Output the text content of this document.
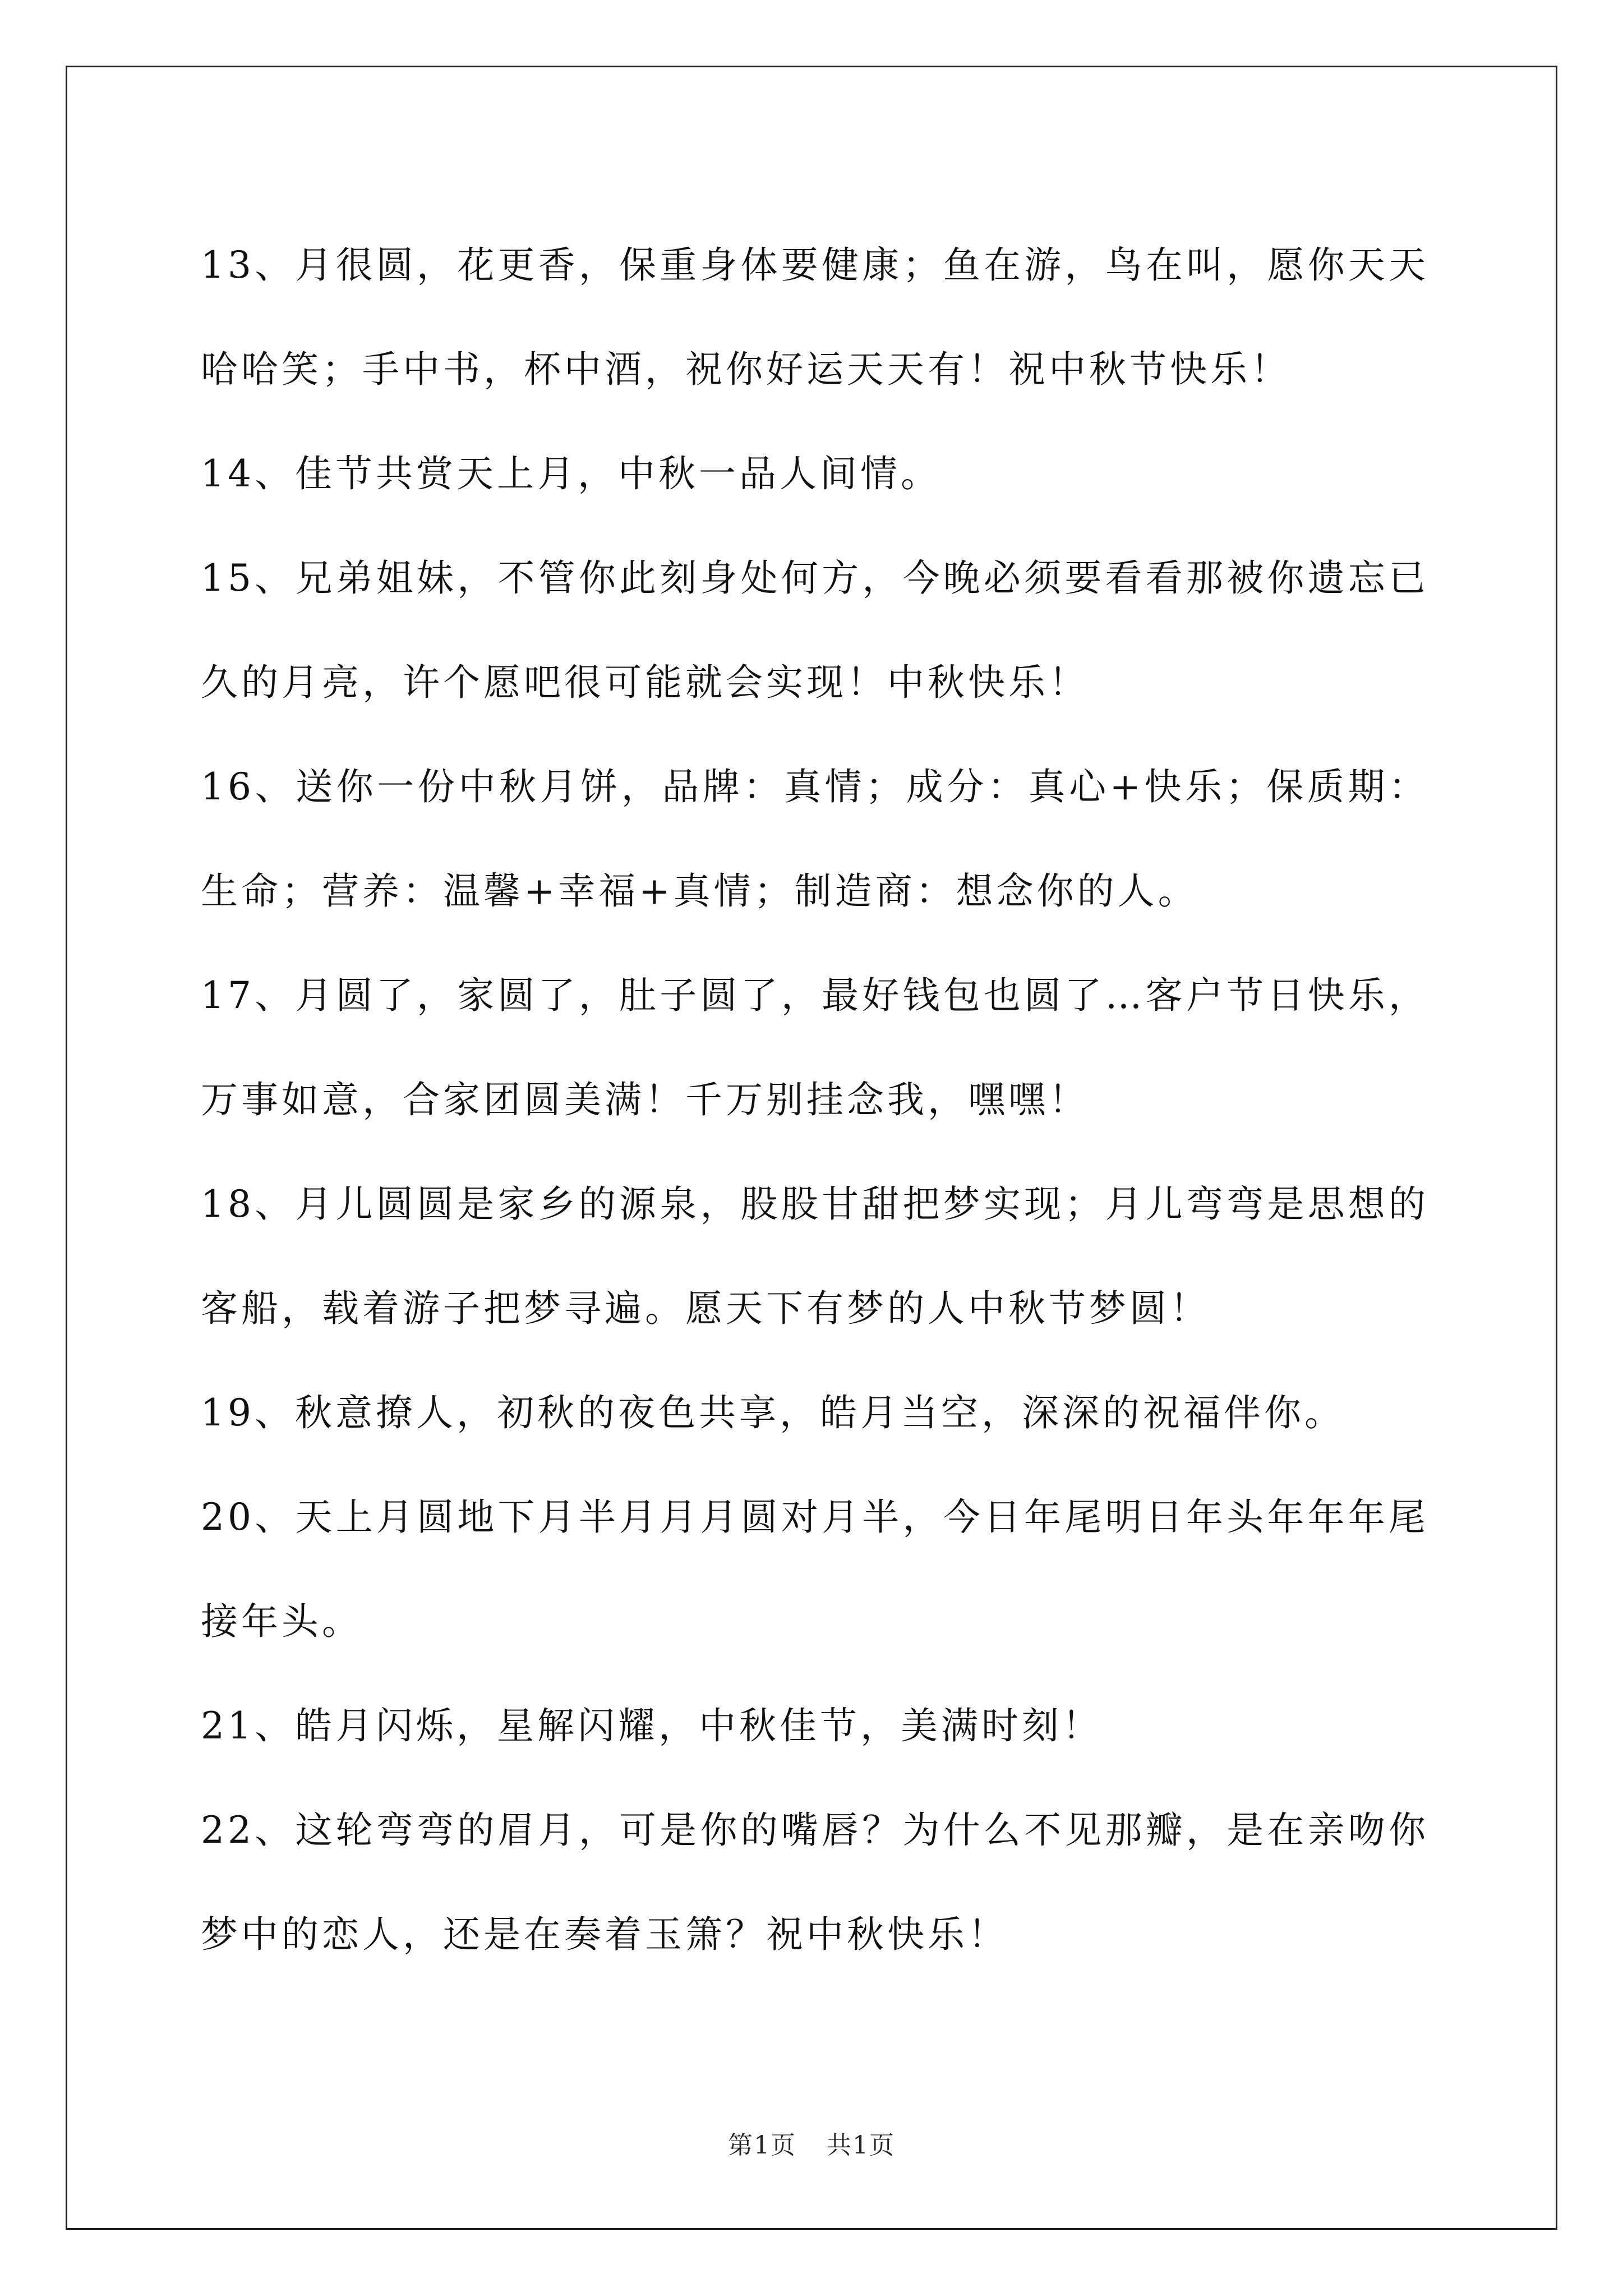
13、月很圆，花更香，保重身体要健康；鱼在游，鸟在叫，愿你天天哈哈笑；手中书，杯中酒，祝你好运天天有！祝中秋节快乐！

14、佳节共赏天上月，中秋一品人间情。

15、兄弟姐妹，不管你此刻身处何方，今晚必须要看看那被你遗忘已久的月亮，许个愿吧很可能就会实现！中秋快乐！

16、送你一份中秋月饼，品牌：真情；成分：真心+快乐；保质期：生命；营养：温馨+幸福+真情；制造商：想念你的人。

17、月圆了，家圆了，肚子圆了，最好钱包也圆了…客户节日快乐，万事如意，合家团圆美满！千万别挂念我，嘿嘿！

18、月儿圆圆是家乡的源泉，股股甘甜把梦实现；月儿弯弯是思想的客船，载着游子把梦寻遍。愿天下有梦的人中秋节梦圆！

19、秋意撩人，初秋的夜色共享，皓月当空，深深的祝福伴你。

20、天上月圆地下月半月月月圆对月半，今日年尾明日年头年年年尾接年头。

21、皓月闪烁，星解闪耀，中秋佳节，美满时刻！

22、这轮弯弯的眉月，可是你的嘴唇？为什么不见那瓣，是在亲吻你梦中的恋人，还是在奏着玉箫？祝中秋快乐！

第1页 共1页
